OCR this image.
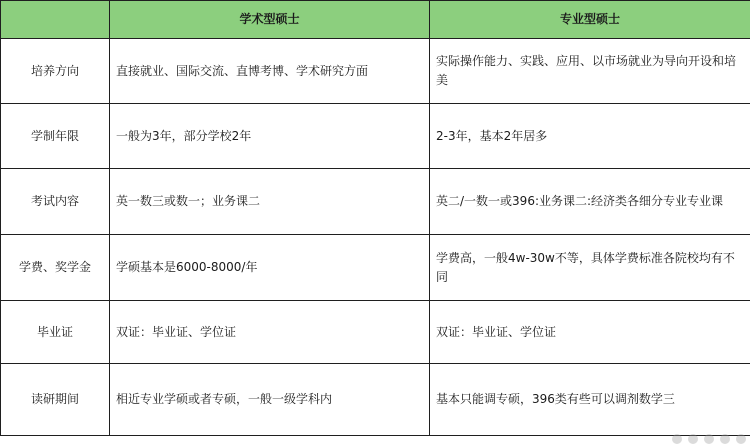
	学术型硕士	专业型硕士
培养方向	直接就业、国际交流、直博考博、学术研究方面	实际操作能力、实践、应用、以市场就业为导向开设和培美
学制年限	一般为3年，部分学校2年	2-3年，基本2年居多
考试内容	英一数三或数一；业务课二	英二/一数一或396:业务课二:经济类各细分专业专业课
学费、奖学金	学硕基本是6000-8000/年	学费高，一般4w-30w不等，具体学费标准各院校均有不同
毕业证	双证：毕业证、学位证	双证：毕业证、学位证
读研期间	相近专业学硕或者专硕，一般一级学科内	基本只能调专硕，396类有些可以调剂数学三
